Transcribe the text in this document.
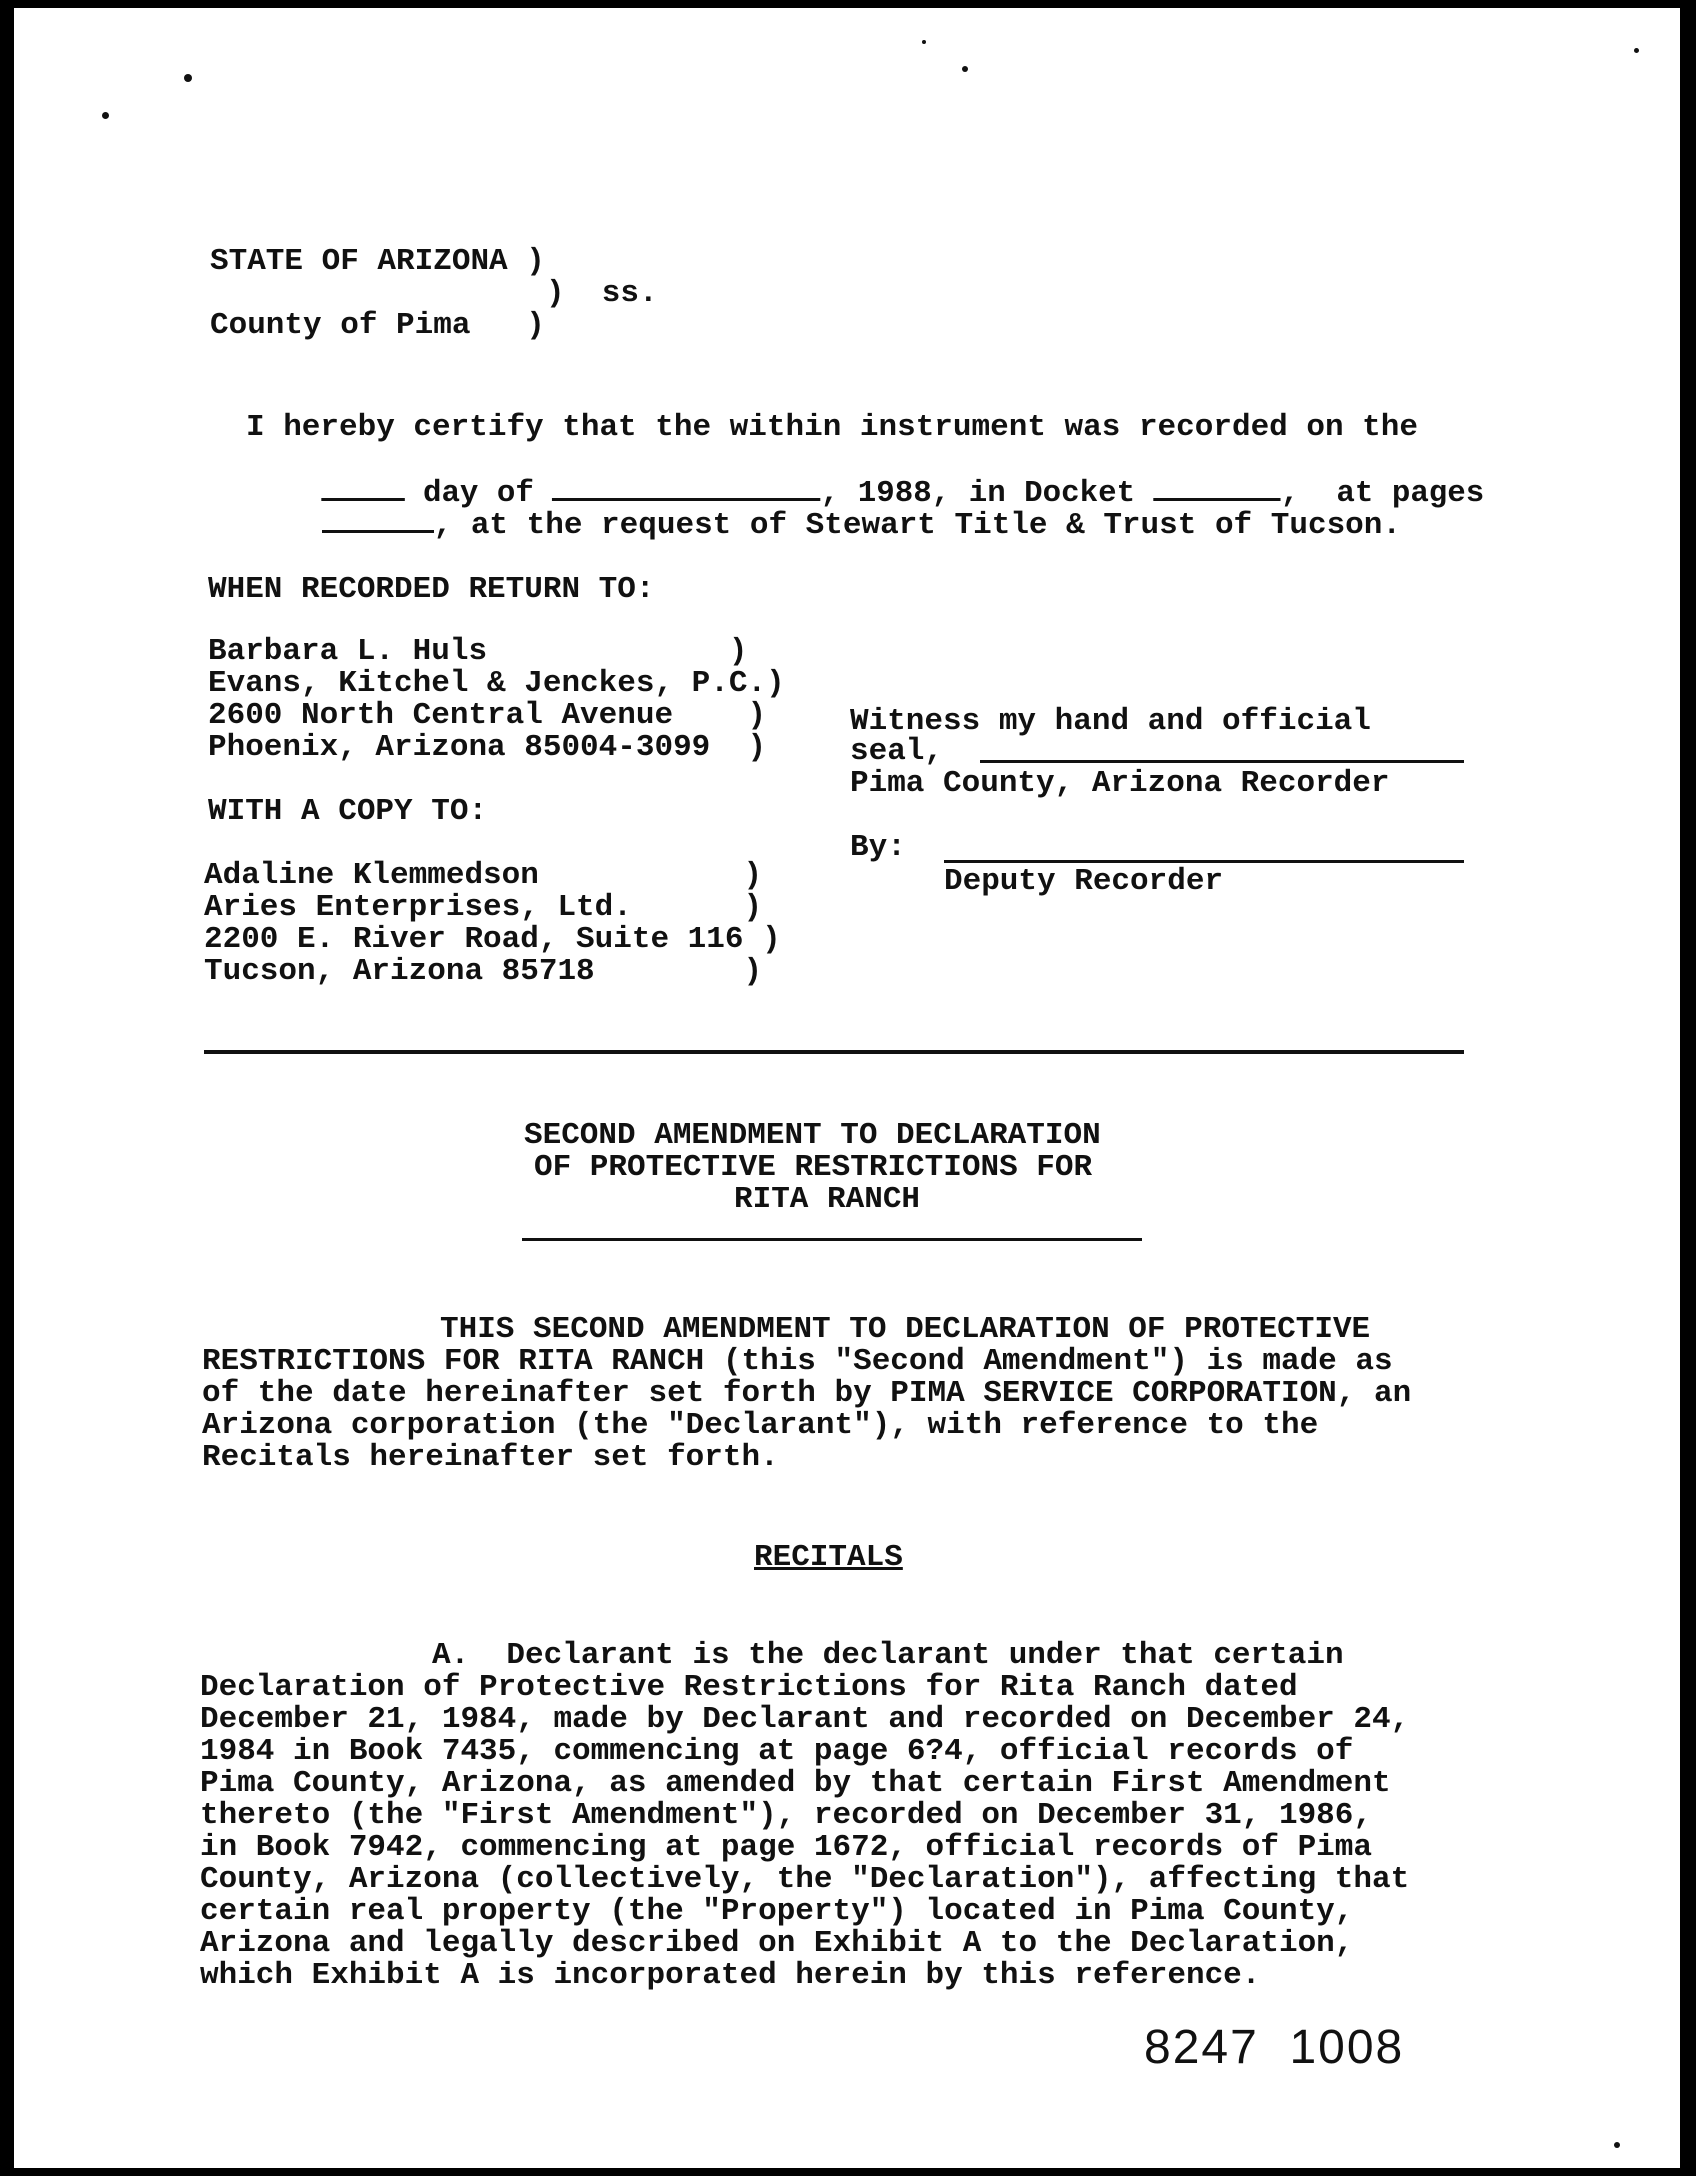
STATE OF ARIZONA )
)  ss.
County of Pima   )
I hereby certify that the within instrument was recorded on the

day of	, 1988, in Docket	,  at pages

, at the request of Stewart Title & Trust of Tucson.

WHEN RECORDED RETURN TO:
Barbara L. Huls             )
Evans, Kitchel & Jenckes, P.C.)
2600 North Central Avenue    )
Phoenix, Arizona 85004-3099  )
WITH A COPY TO:
Adaline Klemmedson           )
Aries Enterprises, Ltd.      )
2200 E. River Road, Suite 116 )
Tucson, Arizona 85718        )
Witness my hand and official
seal,
Pima County, Arizona Recorder
By:
Deputy Recorder
SECOND AMENDMENT TO DECLARATION
OF PROTECTIVE RESTRICTIONS FOR
RITA RANCH
THIS SECOND AMENDMENT TO DECLARATION OF PROTECTIVE
RESTRICTIONS FOR RITA RANCH (this "Second Amendment") is made as
of the date hereinafter set forth by PIMA SERVICE CORPORATION, an
Arizona corporation (the "Declarant"), with reference to the
Recitals hereinafter set forth.
RECITALS
A.  Declarant is the declarant under that certain
Declaration of Protective Restrictions for Rita Ranch dated
December 21, 1984, made by Declarant and recorded on December 24,
1984 in Book 7435, commencing at page 6?4, official records of
Pima County, Arizona, as amended by that certain First Amendment
thereto (the "First Amendment"), recorded on December 31, 1986,
in Book 7942, commencing at page 1672, official records of Pima
County, Arizona (collectively, the "Declaration"), affecting that
certain real property (the "Property") located in Pima County,
Arizona and legally described on Exhibit A to the Declaration,
which Exhibit A is incorporated herein by this reference.
8247  1008
